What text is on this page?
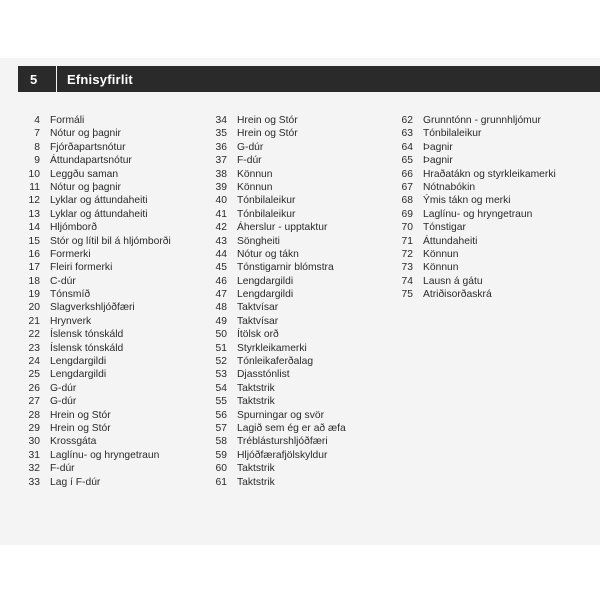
5	Efnisyfirlit
4 Formáli
7 Nótur og þagnir
8 Fjórðapartsnótur
9 Áttundapartsnótur
10 Leggðu saman
11 Nótur og þagnir
12 Lyklar og áttundaheiti
13 Lyklar og áttundaheiti
14 Hljómborð
15 Stór og lítil bil á hljómborði
16 Formerki
17 Fleiri formerki
18 C-dúr
19 Tónsmíð
20 Slagverkshljóðfæri
21 Hrynverk
22 Íslensk tónskáld
23 Íslensk tónskáld
24 Lengdargildi
25 Lengdargildi
26 G-dúr
27 G-dúr
28 Hrein og Stór
29 Hrein og Stór
30 Krossgáta
31 Laglínu- og hryngetraun
32 F-dúr
33 Lag í F-dúr
34 Hrein og Stór
35 Hrein og Stór
36 G-dúr
37 F-dúr
38 Könnun
39 Könnun
40 Tónbilaleikur
41 Tónbilaleikur
42 Áherslur - upptaktur
43 Söngheiti
44 Nótur og tákn
45 Tónstigarnir blómstra
46 Lengdargildi
47 Lengdargildi
48 Taktvísar
49 Taktvísar
50 Ítölsk orð
51 Styrkleikamerki
52 Tónleikaferðalag
53 Djasstónlist
54 Taktstrik
55 Taktstrik
56 Spurningar og svör
57 Lagið sem ég er að æfa
58 Tréblásturshljóðfæri
59 Hljóðfærafjölskyldur
60 Taktstrik
61 Taktstrik
62 Grunntónn - grunnhljómur
63 Tónbilaleikur
64 Þagnir
65 Þagnir
66 Hraðatákn og styrkleikamerki
67 Nótnabókin
68 Ýmis tákn og merki
69 Laglínu- og hryngetraun
70 Tónstigar
71 Áttundaheiti
72 Könnun
73 Könnun
74 Lausn á gátu
75 Atriðisorðaskrá
